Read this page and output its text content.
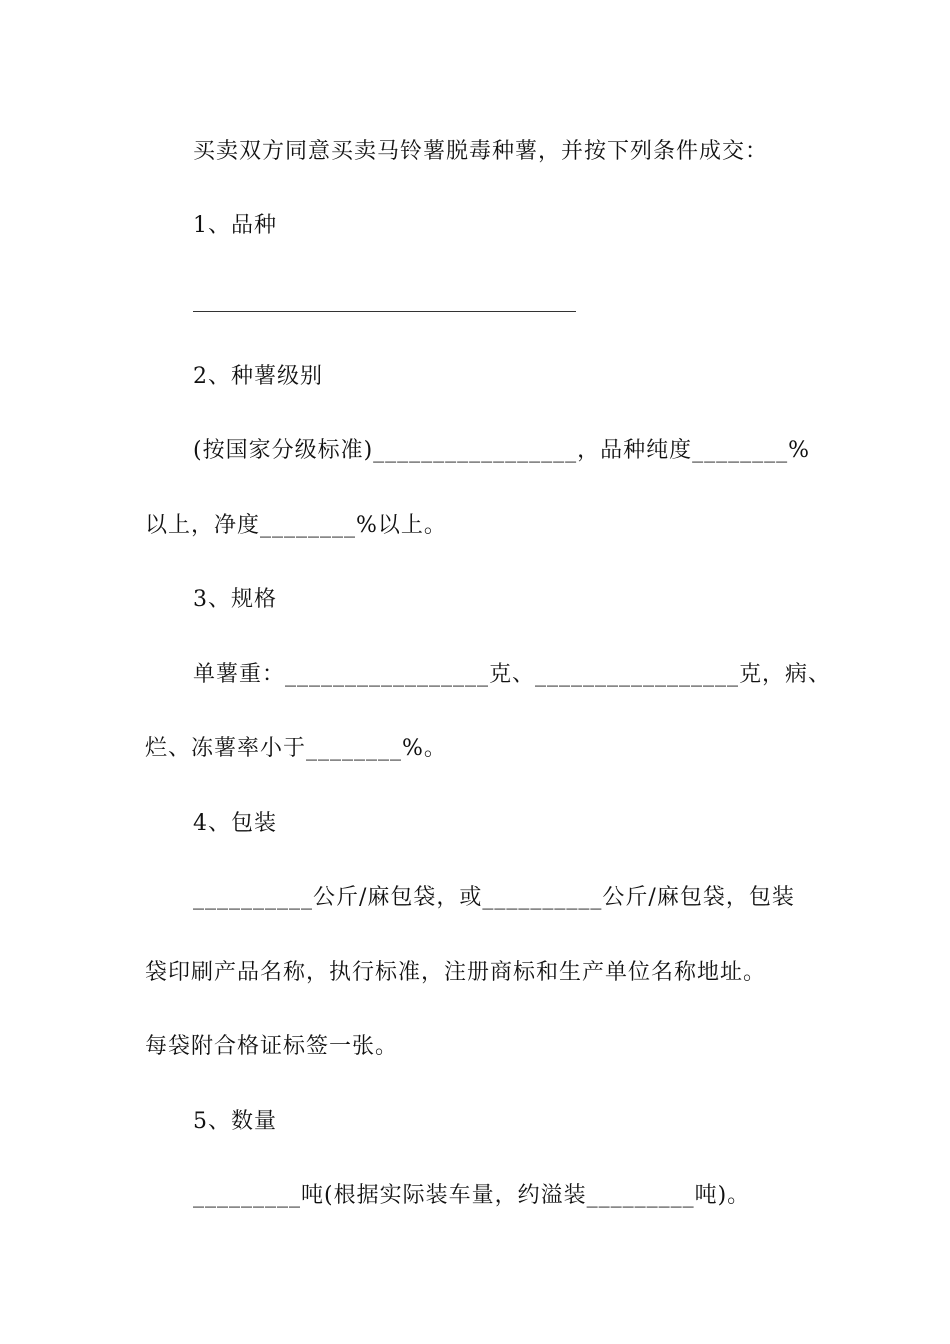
买卖双方同意买卖马铃薯脱毒种薯，并按下列条件成交：
1、品种
2、种薯级别
(按国家分级标准)_________________，品种纯度________%
以上，净度________%以上。
3、规格
单薯重：_________________克、_________________克，病、
烂、冻薯率小于________%。
4、包装
__________公斤/麻包袋，或__________公斤/麻包袋，包装
袋印刷产品名称，执行标准，注册商标和生产单位名称地址。
每袋附合格证标签一张。
5、数量
_________吨(根据实际装车量，约溢装_________吨)。
